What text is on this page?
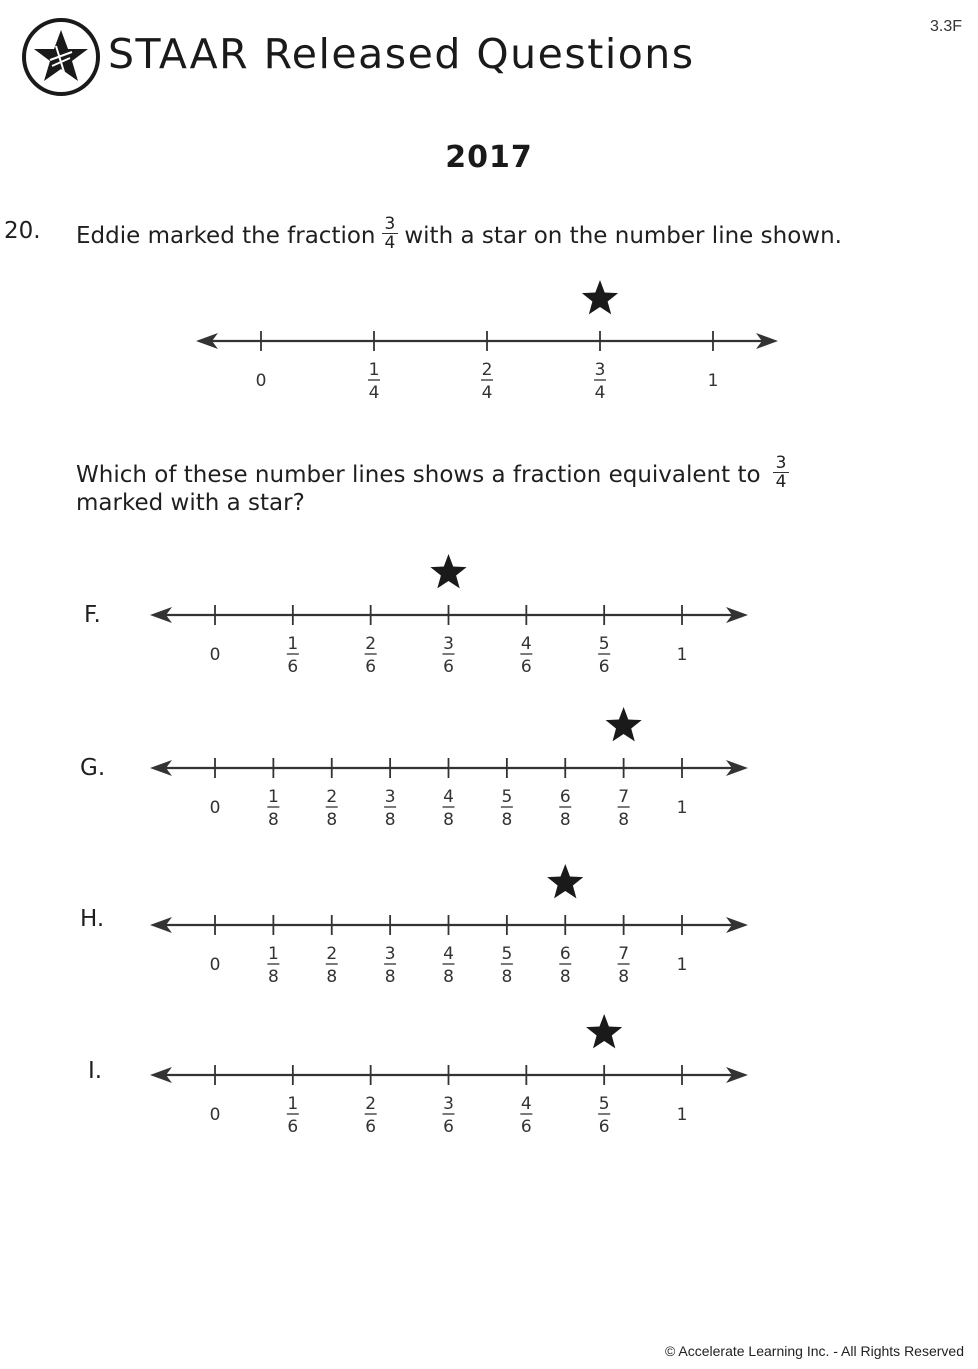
3.3F
STAAR Released Questions
2017
20. Eddie marked the fraction $\frac{3}{4}$ with a star on the number line shown.
Which of these number lines shows a fraction equivalent to $\frac{3}{4}$
marked with a star?
F.
G.
H.
I.
0
1
4
2
4
3
4
1
0
1
6
2
6
3
6
4
6
5
6
1
0
1
8
2
8
3
8
4
8
5
8
6
8
7
8
1
0
1
8
2
8
3
8
4
8
5
8
6
8
7
8
1
0
1
6
2
6
3
6
4
6
5
6
1
© Accelerate Learning Inc. - All Rights Reserved
